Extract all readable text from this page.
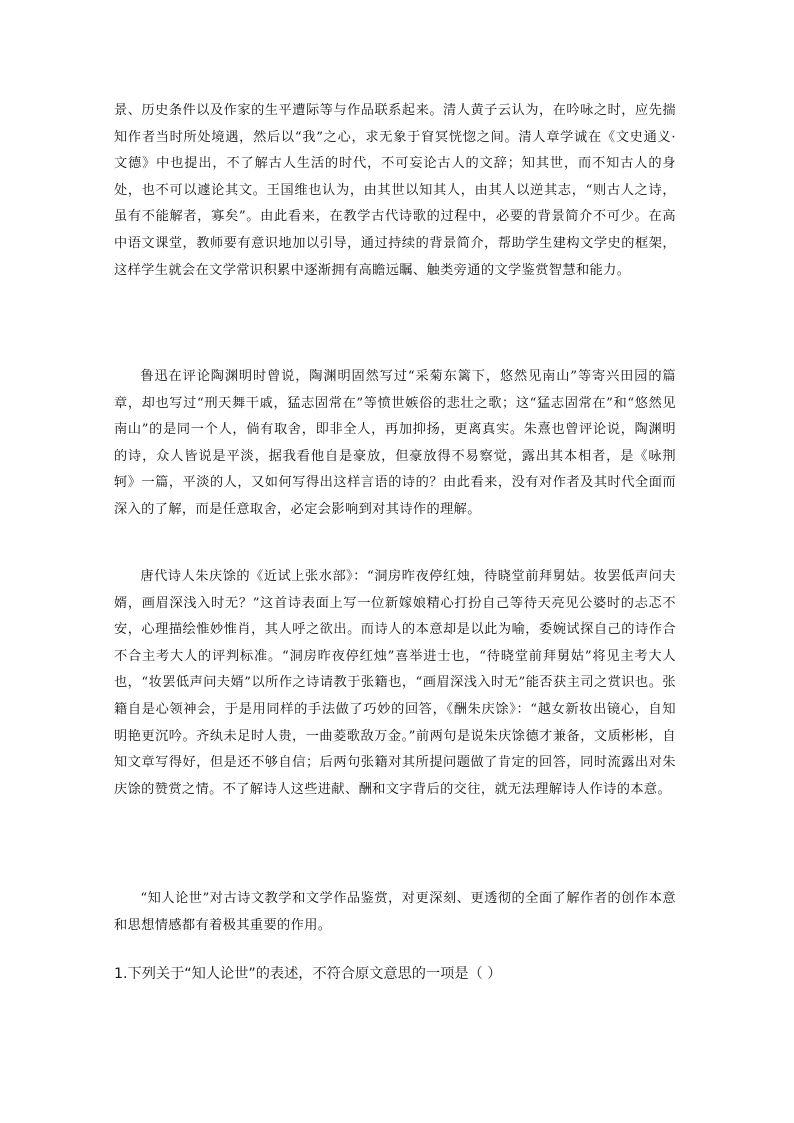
景、历史条件以及作家的生平遭际等与作品联系起来。清人黄子云认为，在吟咏之时，应先揣知作者当时所处境遇，然后以“我”之心，求无象于窅冥恍惚之间。清人章学诚在《文史通义·文德》中也提出，不了解古人生活的时代，不可妄论古人的文辞；知其世，而不知古人的身处，也不可以遽论其文。王国维也认为，由其世以知其人，由其人以逆其志，“则古人之诗，虽有不能解者，寡矣”。由此看来，在教学古代诗歌的过程中，必要的背景简介不可少。在高中语文课堂，教师要有意识地加以引导，通过持续的背景简介，帮助学生建构文学史的框架，这样学生就会在文学常识积累中逐渐拥有高瞻远瞩、触类旁通的文学鉴赏智慧和能力。

鲁迅在评论陶渊明时曾说，陶渊明固然写过“采菊东篱下，悠然见南山”等寄兴田园的篇章，却也写过“刑天舞干戚，猛志固常在”等愤世嫉俗的悲壮之歌；这“猛志固常在”和“悠然见南山”的是同一个人，倘有取舍，即非全人，再加抑扬，更离真实。朱熹也曾评论说，陶渊明的诗，众人皆说是平淡，据我看他自是豪放，但豪放得不易察觉，露出其本相者，是《咏荆轲》一篇，平淡的人，又如何写得出这样言语的诗的？由此看来，没有对作者及其时代全面而深入的了解，而是任意取舍，必定会影响到对其诗作的理解。

唐代诗人朱庆馀的《近试上张水部》：“洞房昨夜停红烛，待晓堂前拜舅姑。妆罢低声问夫婿，画眉深浅入时无？”这首诗表面上写一位新嫁娘精心打扮自己等待天亮见公婆时的忐忑不安，心理描绘惟妙惟肖，其人呼之欲出。而诗人的本意却是以此为喻，委婉试探自己的诗作合不合主考大人的评判标准。“洞房昨夜停红烛”喜举进士也，“待晓堂前拜舅姑”将见主考大人也，“妆罢低声问夫婿”以所作之诗请教于张籍也，“画眉深浅入时无”能否获主司之赏识也。张籍自是心领神会，于是用同样的手法做了巧妙的回答，《酬朱庆馀》：“越女新妆出镜心，自知明艳更沉吟。齐纨未足时人贵，一曲菱歌敌万金。”前两句是说朱庆馀德才兼备，文质彬彬，自知文章写得好，但是还不够自信；后两句张籍对其所提问题做了肯定的回答，同时流露出对朱庆馀的赞赏之情。不了解诗人这些进献、酬和文字背后的交往，就无法理解诗人作诗的本意。

“知人论世”对古诗文教学和文学作品鉴赏，对更深刻、更透彻的全面了解作者的创作本意和思想情感都有着极其重要的作用。

1.下列关于“知人论世”的表述，不符合原文意思的一项是（ ）
